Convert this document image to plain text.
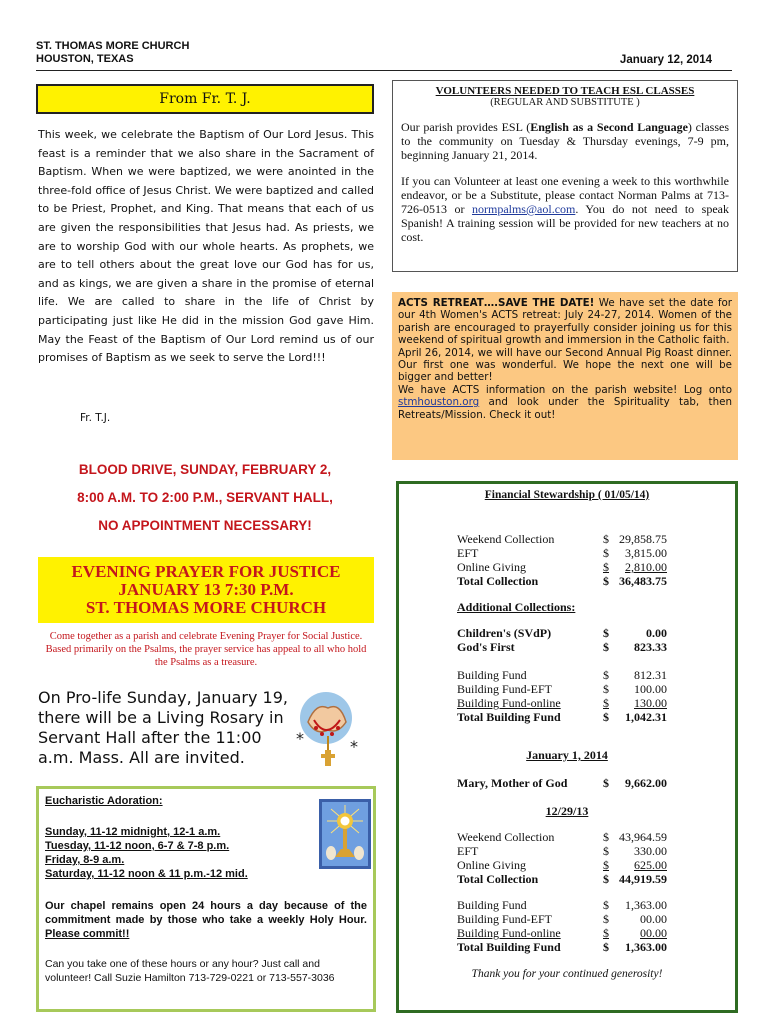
ST. THOMAS MORE CHURCH
HOUSTON, TEXAS	January 12, 2014
From Fr. T. J.
This week, we celebrate the Baptism of Our Lord Jesus. This feast is a reminder that we also share in the Sacrament of Baptism. When we were baptized, we were anointed in the three-fold office of Jesus Christ. We were baptized and called to be Priest, Prophet, and King. That means that each of us are given the responsibilities that Jesus had. As priests, we are to worship God with our whole hearts. As prophets, we are to tell others about the great love our God has for us, and as kings, we are given a share in the promise of eternal life. We are called to share in the life of Christ by participating just like He did in the mission God gave Him. May the Feast of the Baptism of Our Lord remind us of our promises of Baptism as we seek to serve the Lord!!!
Fr. T.J.
VOLUNTEERS NEEDED TO TEACH ESL CLASSES
(REGULAR AND SUBSTITUTE )

Our parish provides ESL (English as a Second Language) classes to the community on Tuesday & Thursday evenings, 7-9 pm, beginning January 21, 2014.

If you can Volunteer at least one evening a week to this worthwhile endeavor, or be a Substitute, please contact Norman Palms at 713-726-0513 or normpalms@aol.com. You do not need to speak Spanish! A training session will be provided for new teachers at no cost.

ACTS RETREAT….SAVE THE DATE! We have set the date for our 4th Women's ACTS retreat: July 24-27, 2014. Women of the parish are encouraged to prayerfully consider joining us for this weekend of spiritual growth and immersion in the Catholic faith.
April 26, 2014, we will have our Second Annual Pig Roast dinner. Our first one was wonderful. We hope the next one will be bigger and better!
We have ACTS information on the parish website! Log onto stmhouston.org and look under the Spirituality tab, then Retreats/Mission. Check it out!
BLOOD DRIVE, SUNDAY, FEBRUARY 2,
8:00 A.M. TO 2:00 P.M., SERVANT HALL,
NO APPOINTMENT NECESSARY!
EVENING PRAYER FOR JUSTICE
JANUARY 13 7:30 P.M.
ST. THOMAS MORE CHURCH
Come together as a parish and celebrate Evening Prayer for Social Justice. Based primarily on the Psalms, the prayer service has appeal to all who hold the Psalms as a treasure.
On Pro-life Sunday, January 19, there will be a Living Rosary in Servant Hall after the 11:00 a.m. Mass. All are invited.
*	*
Eucharistic Adoration:
Sunday, 11-12 midnight, 12-1 a.m.
Tuesday, 11-12 noon, 6-7 & 7-8 p.m.
Friday, 8-9 a.m.
Saturday, 11-12 noon & 11 p.m.-12 mid.
Our chapel remains open 24 hours a day because of the commitment made by those who take a weekly Holy Hour. Please commit!!
Can you take one of these hours or any hour? Just call and volunteer! Call Suzie Hamilton 713-729-0221 or 713-557-3036
Financial Stewardship ( 01/05/14)
Weekend Collection	$ 29,858.75
EFT	$ 3,815.00
Online Giving	$ 2,810.00
Total Collection	$ 36,483.75
Additional Collections:
Children's (SVdP)	$	0.00
God's First	$ 823.33
Building Fund	$ 812.31
Building Fund-EFT	$ 100.00
Building Fund-online	$ 130.00
Total Building Fund	$ 1,042.31
January 1, 2014
Mary, Mother of God	$ 9,662.00
12/29/13
Weekend Collection	$ 43,964.59
EFT	$ 330.00
Online Giving	$ 625.00
Total Collection	$ 44,919.59
Building Fund	$ 1,363.00
Building Fund-EFT	$	00.00
Building Fund-online	$	00.00
Total Building Fund	$ 1,363.00
Thank you for your continued generosity!
